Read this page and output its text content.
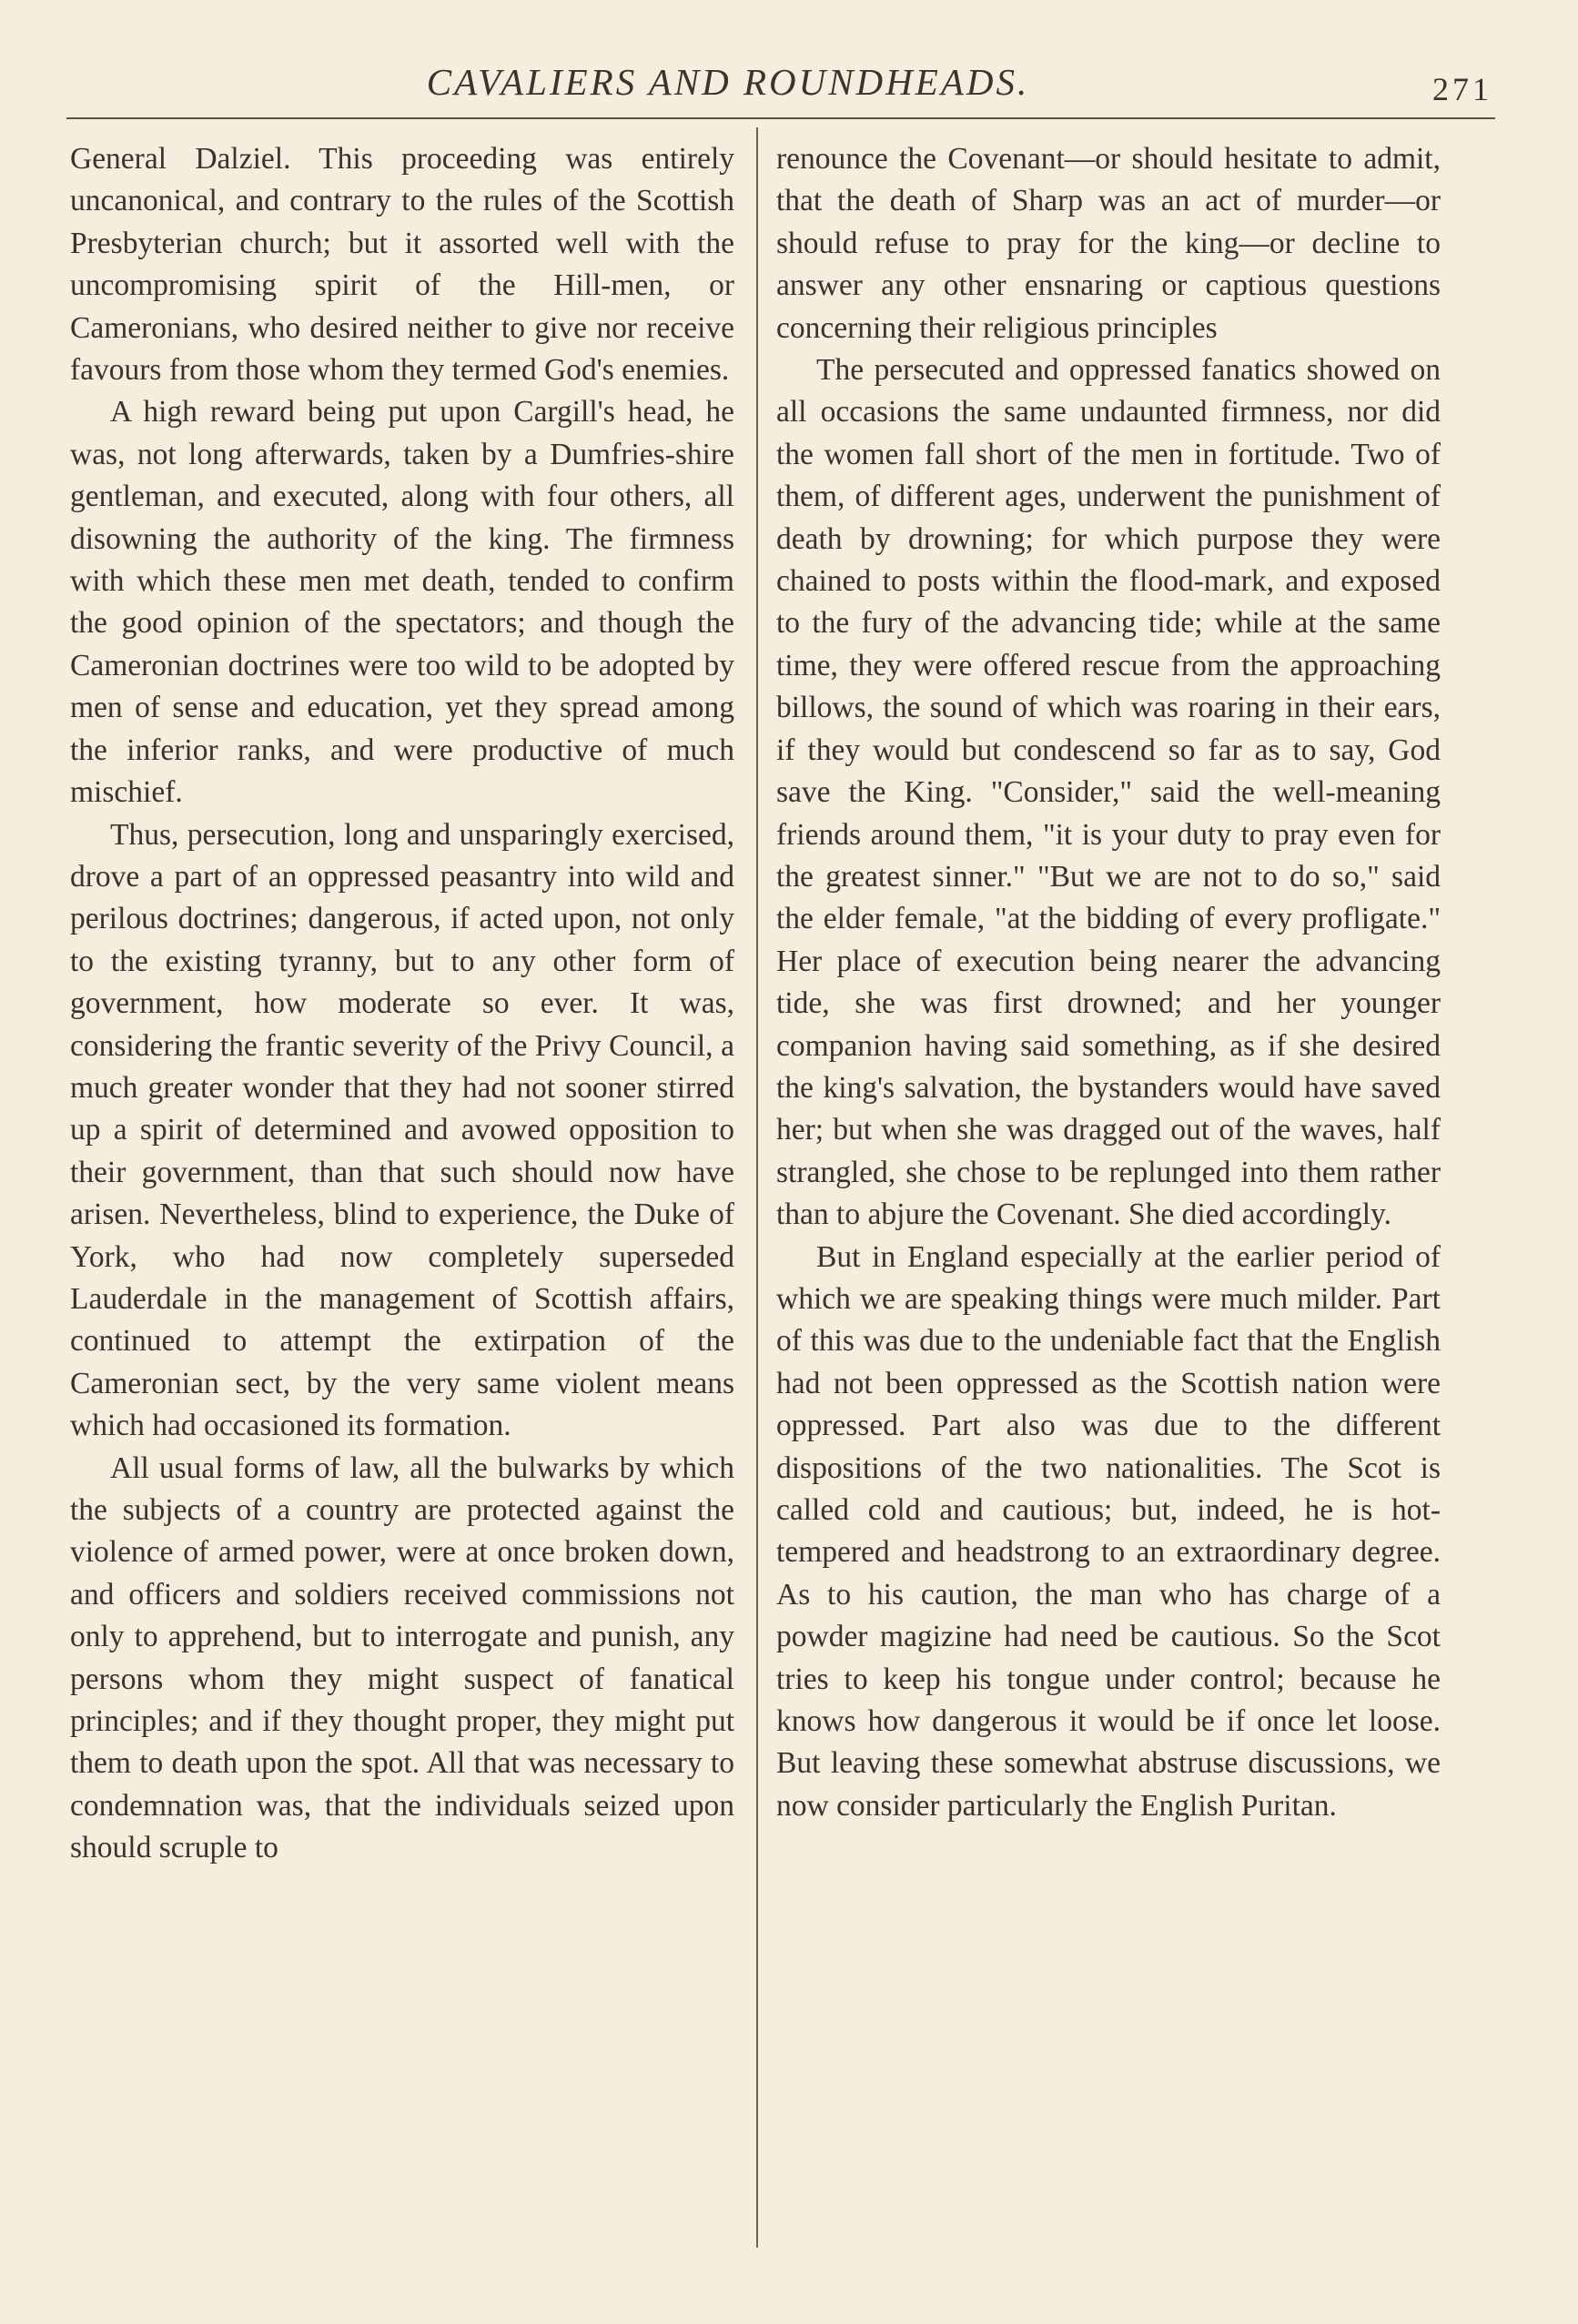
CAVALIERS AND ROUNDHEADS.	271

General Dalziel. This proceeding was entirely uncanonical, and contrary to the rules of the Scottish Presbyterian church; but it assorted well with the uncompromising spirit of the Hill-men, or Cameronians, who desired neither to give nor receive favours from those whom they termed God's enemies.

A high reward being put upon Cargill's head, he was, not long afterwards, taken by a Dumfries-shire gentleman, and executed, along with four others, all disowning the authority of the king. The firmness with which these men met death, tended to confirm the good opinion of the spectators; and though the Cameronian doctrines were too wild to be adopted by men of sense and education, yet they spread among the inferior ranks, and were productive of much mischief.

Thus, persecution, long and unsparingly exercised, drove a part of an oppressed peasantry into wild and perilous doctrines; dangerous, if acted upon, not only to the existing tyranny, but to any other form of government, how moderate so ever. It was, considering the frantic severity of the Privy Council, a much greater wonder that they had not sooner stirred up a spirit of determined and avowed opposition to their government, than that such should now have arisen. Nevertheless, blind to experience, the Duke of York, who had now completely superseded Lauderdale in the management of Scottish affairs, continued to attempt the extirpation of the Cameronian sect, by the very same violent means which had occasioned its formation.

All usual forms of law, all the bulwarks by which the subjects of a country are protected against the violence of armed power, were at once broken down, and officers and soldiers received commissions not only to apprehend, but to interrogate and punish, any persons whom they might suspect of fanatical principles; and if they thought proper, they might put them to death upon the spot. All that was necessary to condemnation was, that the individuals seized upon should scruple to

renounce the Covenant—or should hesitate to admit, that the death of Sharp was an act of murder—or should refuse to pray for the king—or decline to answer any other ensnaring or captious questions concerning their religious principles

The persecuted and oppressed fanatics showed on all occasions the same undaunted firmness, nor did the women fall short of the men in fortitude. Two of them, of different ages, underwent the punishment of death by drowning; for which purpose they were chained to posts within the flood-mark, and exposed to the fury of the advancing tide; while at the same time, they were offered rescue from the approaching billows, the sound of which was roaring in their ears, if they would but condescend so far as to say, God save the King. "Consider," said the well-meaning friends around them, "it is your duty to pray even for the greatest sinner." "But we are not to do so," said the elder female, "at the bidding of every profligate." Her place of execution being nearer the advancing tide, she was first drowned; and her younger companion having said something, as if she desired the king's salvation, the bystanders would have saved her; but when she was dragged out of the waves, half strangled, she chose to be replunged into them rather than to abjure the Covenant. She died accordingly.

But in England especially at the earlier period of which we are speaking things were much milder. Part of this was due to the undeniable fact that the English had not been oppressed as the Scottish nation were oppressed. Part also was due to the different dispositions of the two nationalities. The Scot is called cold and cautious; but, indeed, he is hot-tempered and headstrong to an extraordinary degree. As to his caution, the man who has charge of a powder magizine had need be cautious. So the Scot tries to keep his tongue under control; because he knows how dangerous it would be if once let loose. But leaving these somewhat abstruse discussions, we now consider particularly the English Puritan.
